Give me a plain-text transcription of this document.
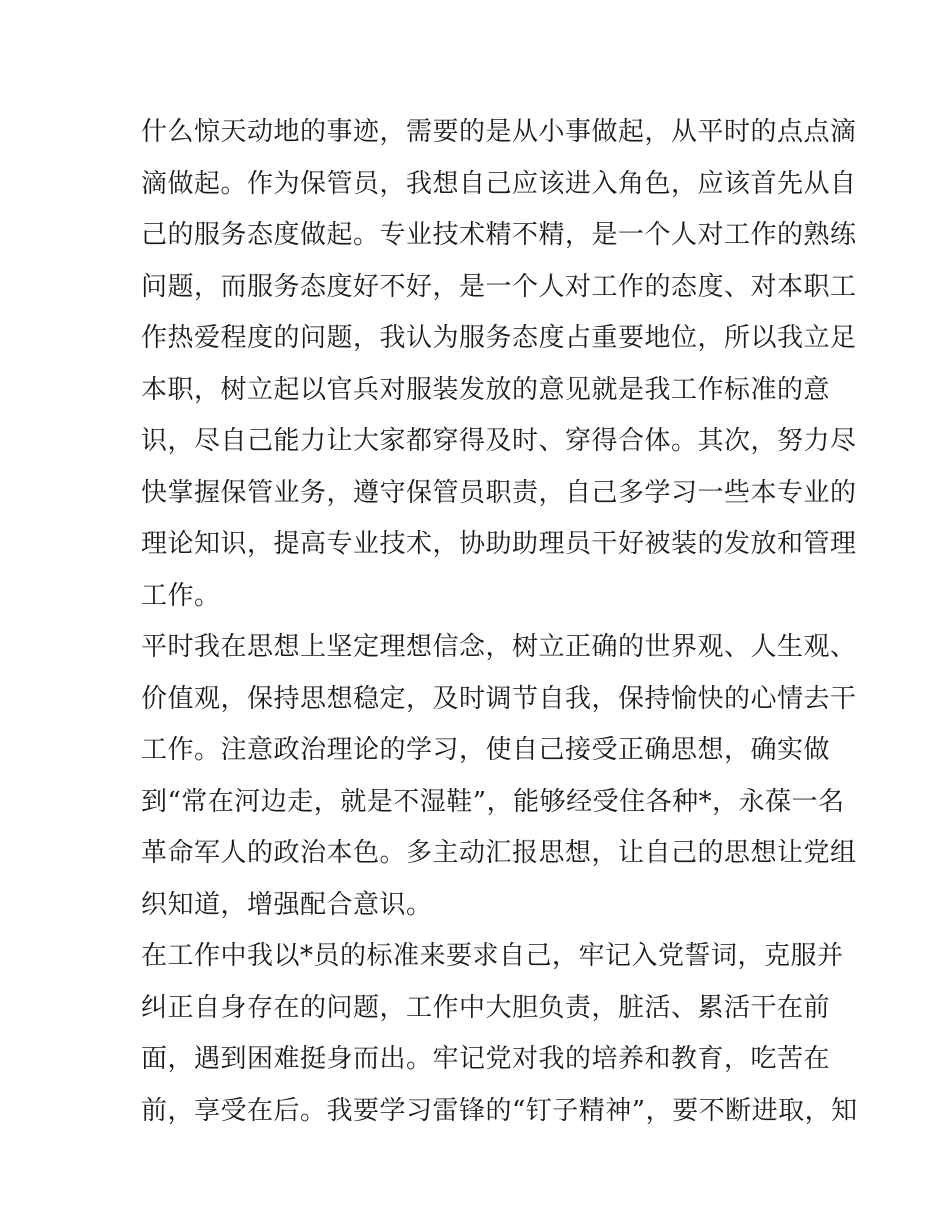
什么惊天动地的事迹，需要的是从小事做起，从平时的点点滴
滴做起。作为保管员，我想自己应该进入角色，应该首先从自
己的服务态度做起。专业技术精不精，是一个人对工作的熟练
问题，而服务态度好不好，是一个人对工作的态度、对本职工
作热爱程度的问题，我认为服务态度占重要地位，所以我立足
本职，树立起以官兵对服装发放的意见就是我工作标准的意
识，尽自己能力让大家都穿得及时、穿得合体。其次，努力尽
快掌握保管业务，遵守保管员职责，自己多学习一些本专业的
理论知识，提高专业技术，协助助理员干好被装的发放和管理
工作。
平时我在思想上坚定理想信念，树立正确的世界观、人生观、
价值观，保持思想稳定，及时调节自我，保持愉快的心情去干
工作。注意政治理论的学习，使自己接受正确思想，确实做
到“常在河边走，就是不湿鞋”，能够经受住各种*，永葆一名
革命军人的政治本色。多主动汇报思想，让自己的思想让党组
织知道，增强配合意识。
在工作中我以*员的标准来要求自己，牢记入党誓词，克服并
纠正自身存在的问题，工作中大胆负责，脏活、累活干在前
面，遇到困难挺身而出。牢记党对我的培养和教育，吃苦在
前，享受在后。我要学习雷锋的“钉子精神”，要不断进取，知
